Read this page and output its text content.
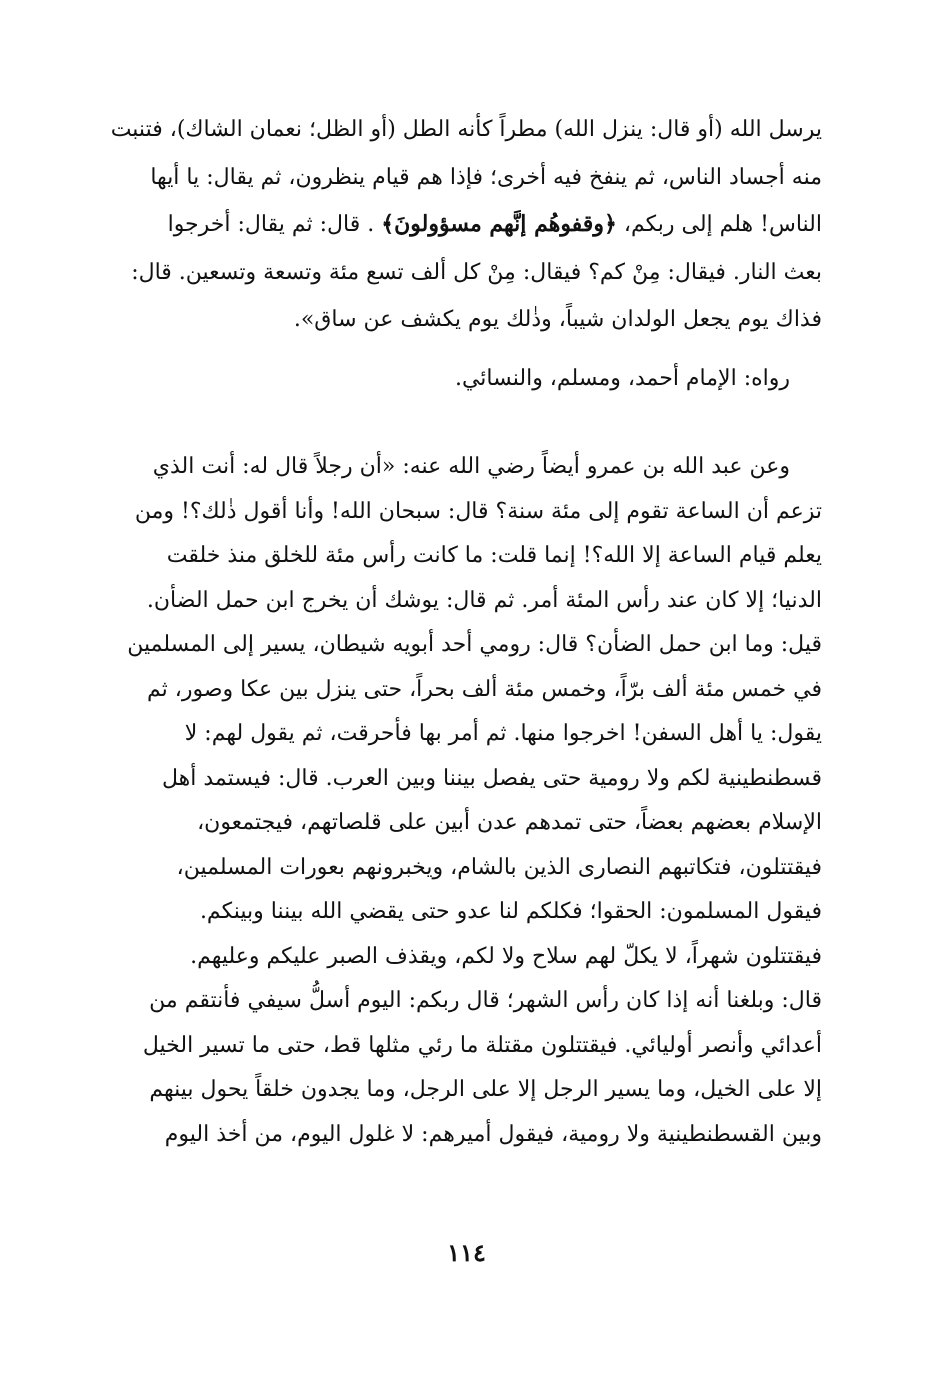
يرسل الله (أو قال: ينزل الله) مطراً كأنه الطل (أو الظل؛ نعمان الشاك)، فتنبت
منه أجساد الناس، ثم ينفخ فيه أخرى؛ فإذا هم قيام ينظرون، ثم يقال: يا أيها
الناس! هلم إلى ربكم، ﴿وقفوهُم إنَّهم مسؤولونَ﴾ . قال: ثم يقال: أخرجوا
بعث النار. فيقال: مِنْ كم؟ فيقال: مِنْ كل ألف تسع مئة وتسعة وتسعين. قال:
فذاك يوم يجعل الولدان شيباً، وذٰلك يوم يكشف عن ساق».
رواه: الإمام أحمد، ومسلم، والنسائي.
وعن عبد الله بن عمرو أيضاً رضي الله عنه: «أن رجلاً قال له: أنت الذي
تزعم أن الساعة تقوم إلى مئة سنة؟ قال: سبحان الله! وأنا أقول ذٰلك؟! ومن
يعلم قيام الساعة إلا الله؟! إنما قلت: ما كانت رأس مئة للخلق منذ خلقت
الدنيا؛ إلا كان عند رأس المئة أمر. ثم قال: يوشك أن يخرج ابن حمل الضأن.
قيل: وما ابن حمل الضأن؟ قال: رومي أحد أبويه شيطان، يسير إلى المسلمين
في خمس مئة ألف برّاً، وخمس مئة ألف بحراً، حتى ينزل بين عكا وصور، ثم
يقول: يا أهل السفن! اخرجوا منها. ثم أمر بها فأحرقت، ثم يقول لهم: لا
قسطنطينية لكم ولا رومية حتى يفصل بيننا وبين العرب. قال: فيستمد أهل
الإسلام بعضهم بعضاً، حتى تمدهم عدن أبين على قلصاتهم، فيجتمعون،
فيقتتلون، فتكاتبهم النصارى الذين بالشام، ويخبرونهم بعورات المسلمين،
فيقول المسلمون: الحقوا؛ فكلكم لنا عدو حتى يقضي الله بيننا وبينكم.
فيقتتلون شهراً، لا يكلّ لهم سلاح ولا لكم، ويقذف الصبر عليكم وعليهم.
قال: وبلغنا أنه إذا كان رأس الشهر؛ قال ربكم: اليوم أسلُّ سيفي فأنتقم من
أعدائي وأنصر أوليائي. فيقتتلون مقتلة ما رئي مثلها قط، حتى ما تسير الخيل
إلا على الخيل، وما يسير الرجل إلا على الرجل، وما يجدون خلقاً يحول بينهم
وبين القسطنطينية ولا رومية، فيقول أميرهم: لا غلول اليوم، من أخذ اليوم
١١٤
